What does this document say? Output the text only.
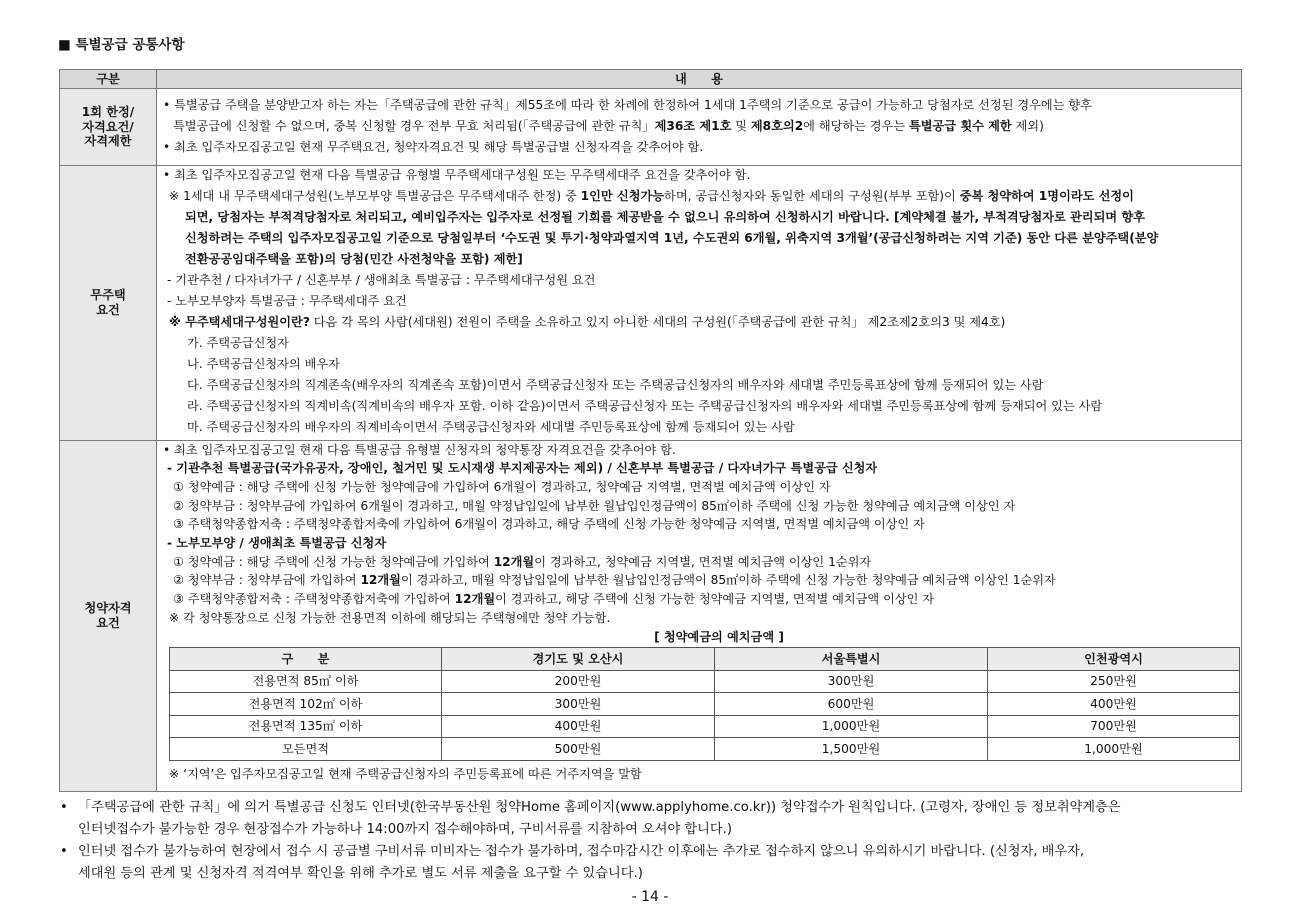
■ 특별공급 공통사항
구분	내　　용

1회 한정/
자격요건/
자격제한

• 특별공급 주택을 분양받고자 하는 자는「주택공급에 관한 규칙」제55조에 따라 한 차례에 한정하여 1세대 1주택의 기준으로 공급이 가능하고 당첨자로 선정된 경우에는 향후
특별공급에 신청할 수 없으며, 중복 신청할 경우 전부 무효 처리됨(「주택공급에 관한 규칙」제36조 제1호 및 제8호의2에 해당하는 경우는 특별공급 횟수 제한 제외)
• 최초 입주자모집공고일 현재 무주택요건, 청약자격요건 및 해당 특별공급별 신청자격을 갖추어야 함.

무주택
요건

• 최초 입주자모집공고일 현재 다음 특별공급 유형별 무주택세대구성원 또는 무주택세대주 요건을 갖추어야 함.
※ 1세대 내 무주택세대구성원(노부모부양 특별공급은 무주택세대주 한정) 중 1인만 신청가능하며, 공급신청자와 동일한 세대의 구성원(부부 포함)이 중복 청약하여 1명이라도 선정이
되면, 당첨자는 부적격당첨자로 처리되고, 예비입주자는 입주자로 선정될 기회를 제공받을 수 없으니 유의하여 신청하시기 바랍니다. [계약체결 불가, 부적격당첨자로 관리되며 향후
신청하려는 주택의 입주자모집공고일 기준으로 당첨일부터 ‘수도권 및 투기·청약과열지역 1년, 수도권외 6개월, 위축지역 3개월’(공급신청하려는 지역 기준) 동안 다른 분양주택(분양
전환공공임대주택을 포함)의 당첨(민간 사전청약을 포함) 제한]
- 기관추천 / 다자녀가구 / 신혼부부 / 생애최초 특별공급 : 무주택세대구성원 요건
- 노부모부양자 특별공급 : 무주택세대주 요건
※ 무주택세대구성원이란? 다음 각 목의 사람(세대원) 전원이 주택을 소유하고 있지 아니한 세대의 구성원(「주택공급에 관한 규칙」 제2조제2호의3 및 제4호)
가. 주택공급신청자
나. 주택공급신청자의 배우자
다. 주택공급신청자의 직계존속(배우자의 직계존속 포함)이면서 주택공급신청자 또는 주택공급신청자의 배우자와 세대별 주민등록표상에 함께 등재되어 있는 사람
라. 주택공급신청자의 직계비속(직계비속의 배우자 포함. 이하 같음)이면서 주택공급신청자 또는 주택공급신청자의 배우자와 세대별 주민등록표상에 함께 등재되어 있는 사람
마. 주택공급신청자의 배우자의 직계비속이면서 주택공급신청자와 세대별 주민등록표상에 함께 등재되어 있는 사람

청약자격
요건

• 최초 입주자모집공고일 현재 다음 특별공급 유형별 신청자의 청약통장 자격요건을 갖추어야 함.
- 기관추천 특별공급(국가유공자, 장애인, 철거민 및 도시재생 부지제공자는 제외) / 신혼부부 특별공급 / 다자녀가구 특별공급 신청자
① 청약예금 : 해당 주택에 신청 가능한 청약예금에 가입하여 6개월이 경과하고, 청약예금 지역별, 면적별 예치금액 이상인 자
② 청약부금 : 청약부금에 가입하여 6개월이 경과하고, 매월 약정납입일에 납부한 월납입인정금액이 85㎡이하 주택에 신청 가능한 청약예금 예치금액 이상인 자
③ 주택청약종합저축 : 주택청약종합저축에 가입하여 6개월이 경과하고, 해당 주택에 신청 가능한 청약예금 지역별, 면적별 예치금액 이상인 자
- 노부모부양 / 생애최초 특별공급 신청자
① 청약예금 : 해당 주택에 신청 가능한 청약예금에 가입하여 12개월이 경과하고, 청약예금 지역별, 면적별 예치금액 이상인 1순위자
② 청약부금 : 청약부금에 가입하여 12개월이 경과하고, 매월 약정납입일에 납부한 월납입인정금액이 85㎡이하 주택에 신청 가능한 청약예금 예치금액 이상인 1순위자
③ 주택청약종합저축 : 주택청약종합저축에 가입하여 12개월이 경과하고, 해당 주택에 신청 가능한 청약예금 지역별, 면적별 예치금액 이상인 자
※ 각 청약통장으로 신청 가능한 전용면적 이하에 해당되는 주택형에만 청약 가능함.
[ 청약예금의 예치금액 ]
구　　분	경기도 및 오산시	서울특별시	인천광역시
전용면적 85㎡ 이하	200만원	300만원	250만원
전용면적 102㎡ 이하	300만원	600만원	400만원
전용면적 135㎡ 이하	400만원	1,000만원	700만원
모든면적	500만원	1,500만원	1,000만원
※ ‘지역’은 입주자모집공고일 현재 주택공급신청자의 주민등록표에 따른 거주지역을 말함
• 「주택공급에 관한 규칙」에 의거 특별공급 신청도 인터넷(한국부동산원 청약Home 홈페이지(www.applyhome.co.kr)) 청약접수가 원칙입니다. (고령자, 장애인 등 정보취약계층은
인터넷접수가 불가능한 경우 현장접수가 가능하나 14:00까지 접수해야하며, 구비서류를 지참하여 오셔야 합니다.)
• 인터넷 접수가 불가능하여 현장에서 접수 시 공급별 구비서류 미비자는 접수가 불가하며, 접수마감시간 이후에는 추가로 접수하지 않으니 유의하시기 바랍니다. (신청자, 배우자,
세대원 등의 관계 및 신청자격 적격여부 확인을 위해 추가로 별도 서류 제출을 요구할 수 있습니다.)
- 14 -
